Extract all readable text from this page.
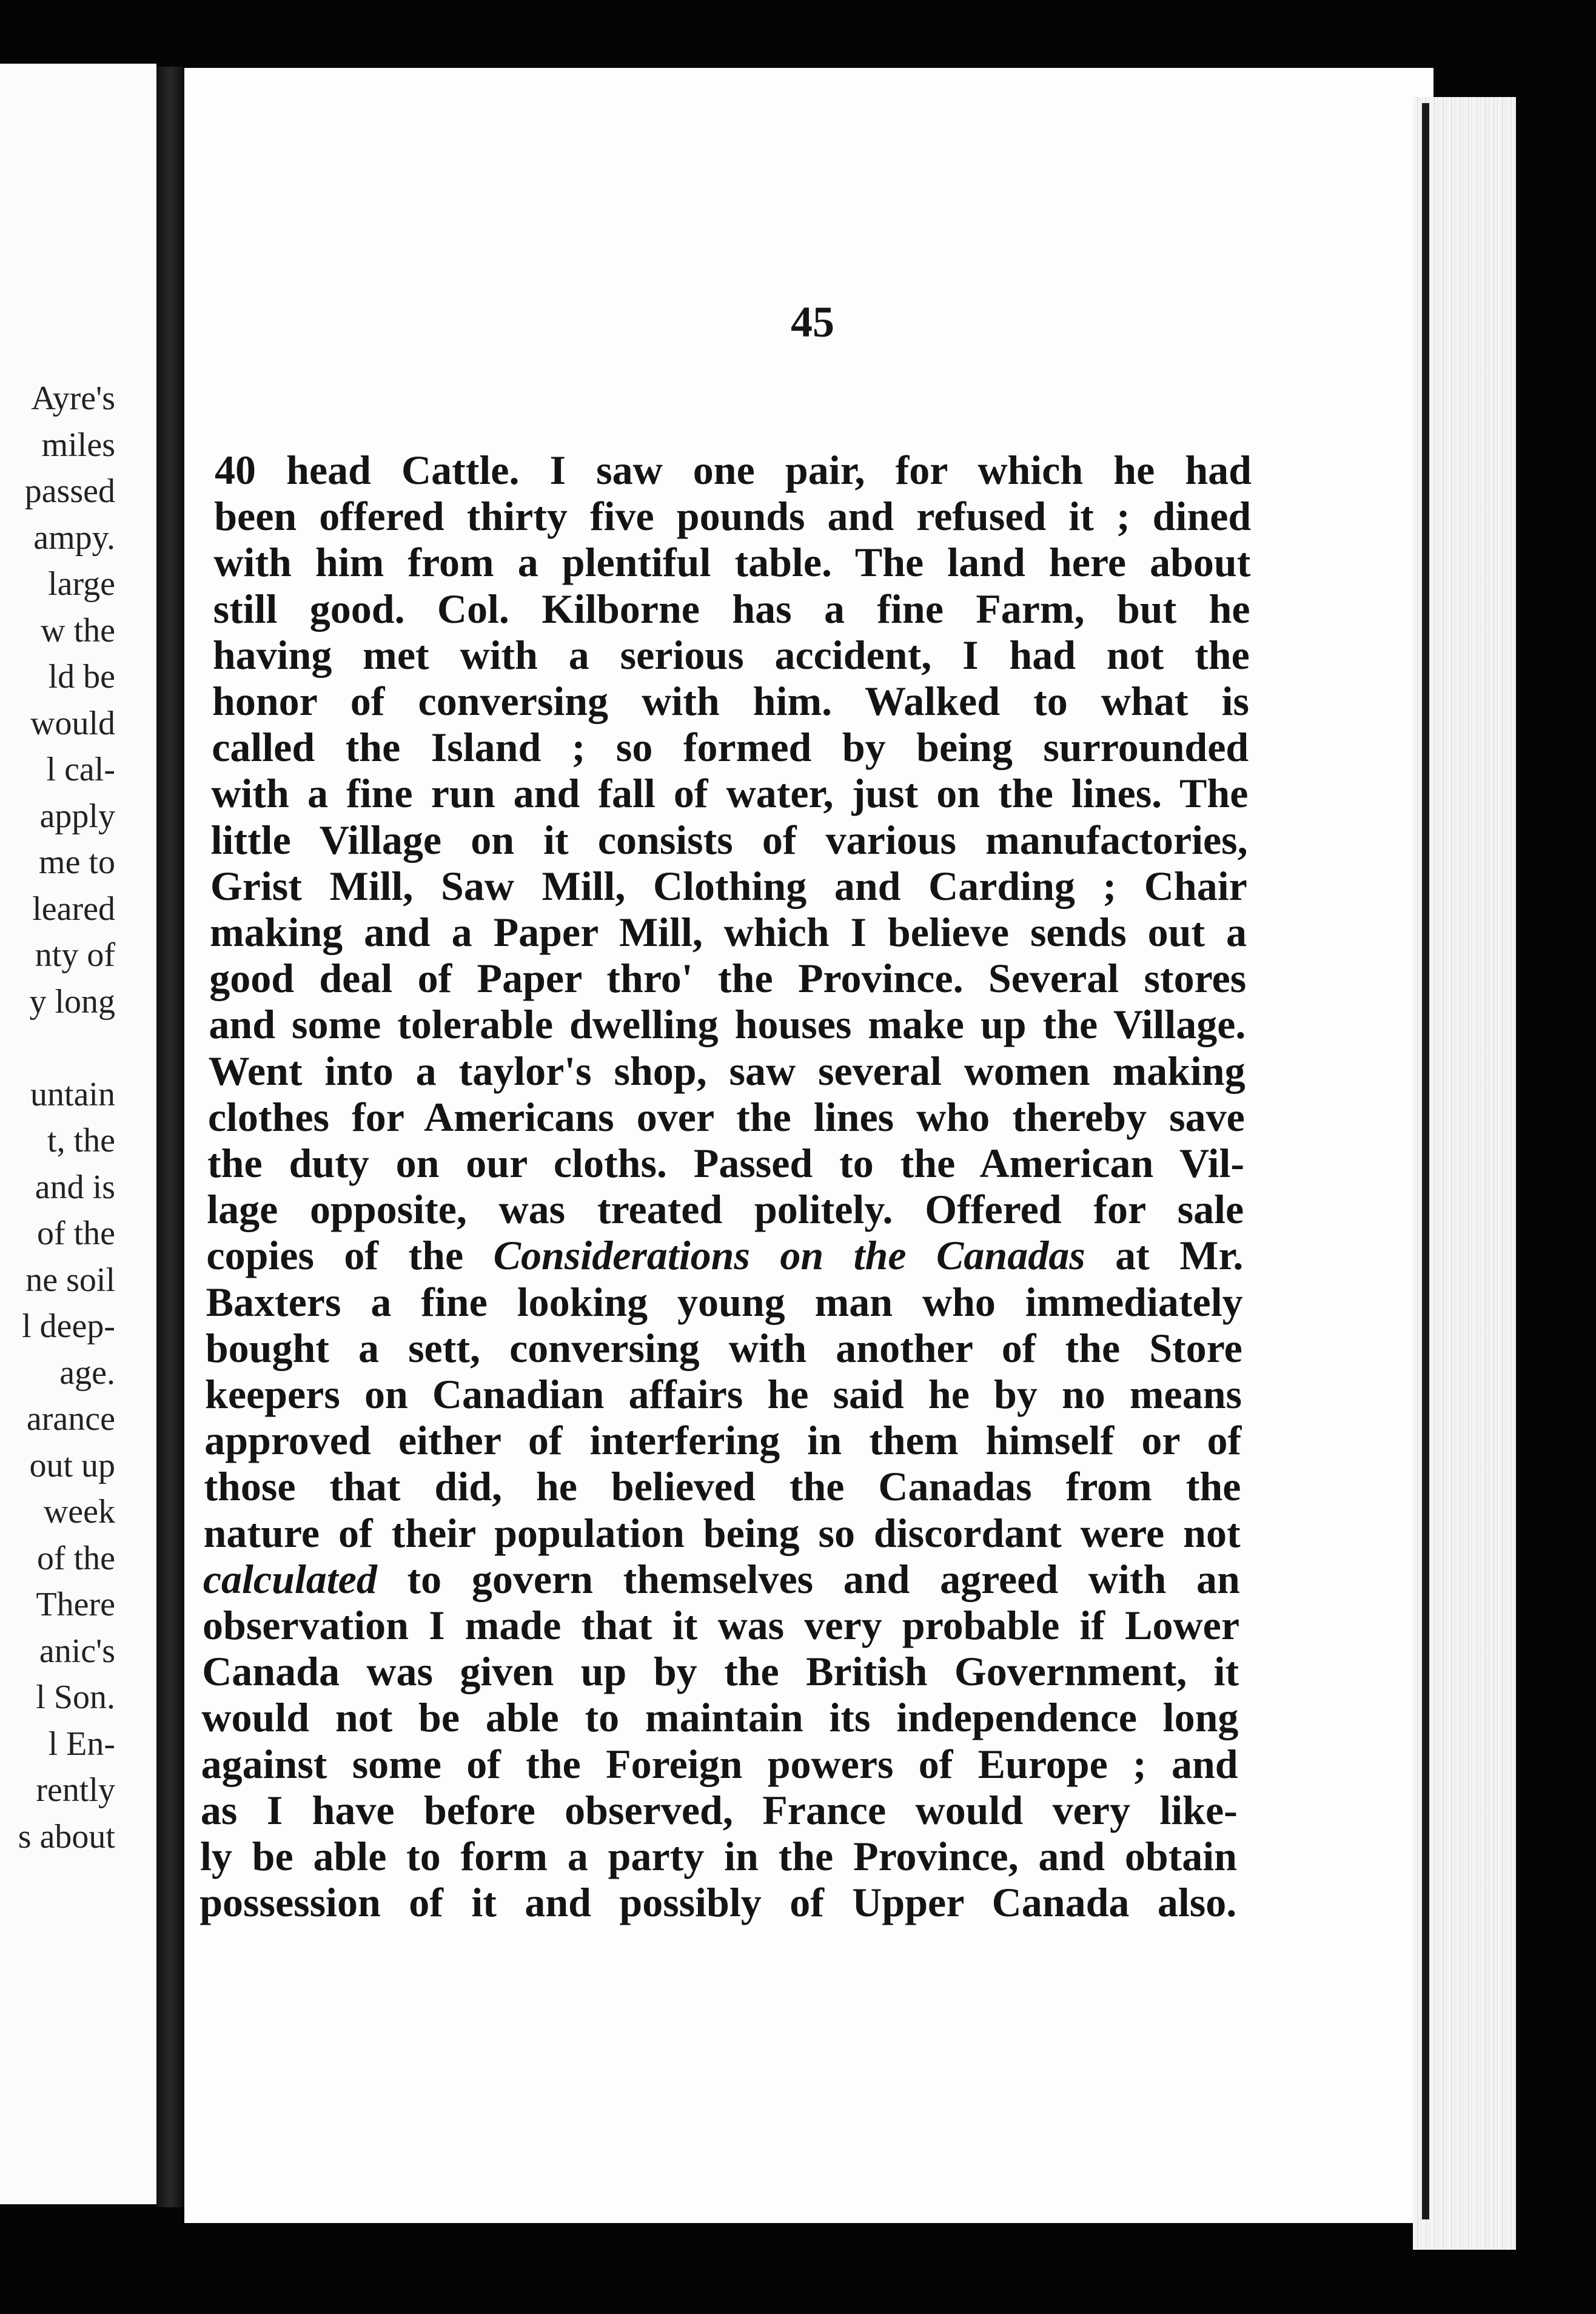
Ayre's
miles
passed
ampy.
large
w the
ld be
would
l cal-
apply
me to
leared
nty of
y long
untain
t, the
and is
of the
ne soil
l deep-
age.
arance
out up
week
of the
There
anic's
l Son.
l En-
rently
s about
45
40 head Cattle. I saw one pair, for which he had
been offered thirty five pounds and refused it ; dined
with him from a plentiful table. The land here about
still good. Col. Kilborne has a fine Farm, but he
having met with a serious accident, I had not the
honor of conversing with him. Walked to what is
called the Island ; so formed by being surrounded
with a fine run and fall of water, just on the lines. The
little Village on it consists of various manufactories,
Grist Mill, Saw Mill, Clothing and Carding ; Chair
making and a Paper Mill, which I believe sends out a
good deal of Paper thro' the Province. Several stores
and some tolerable dwelling houses make up the Village.
Went into a taylor's shop, saw several women making
clothes for Americans over the lines who thereby save
the duty on our cloths. Passed to the American Vil-
lage opposite, was treated politely. Offered for sale
copies of the Considerations on the Canadas at Mr.
Baxters a fine looking young man who immediately
bought a sett, conversing with another of the Store
keepers on Canadian affairs he said he by no means
approved either of interfering in them himself or of
those that did, he believed the Canadas from the
nature of their population being so discordant were not
calculated to govern themselves and agreed with an
observation I made that it was very probable if Lower
Canada was given up by the British Government, it
would not be able to maintain its independence long
against some of the Foreign powers of Europe ; and
as I have before observed, France would very like-
ly be able to form a party in the Province, and obtain
possession of it and possibly of Upper Canada also.
